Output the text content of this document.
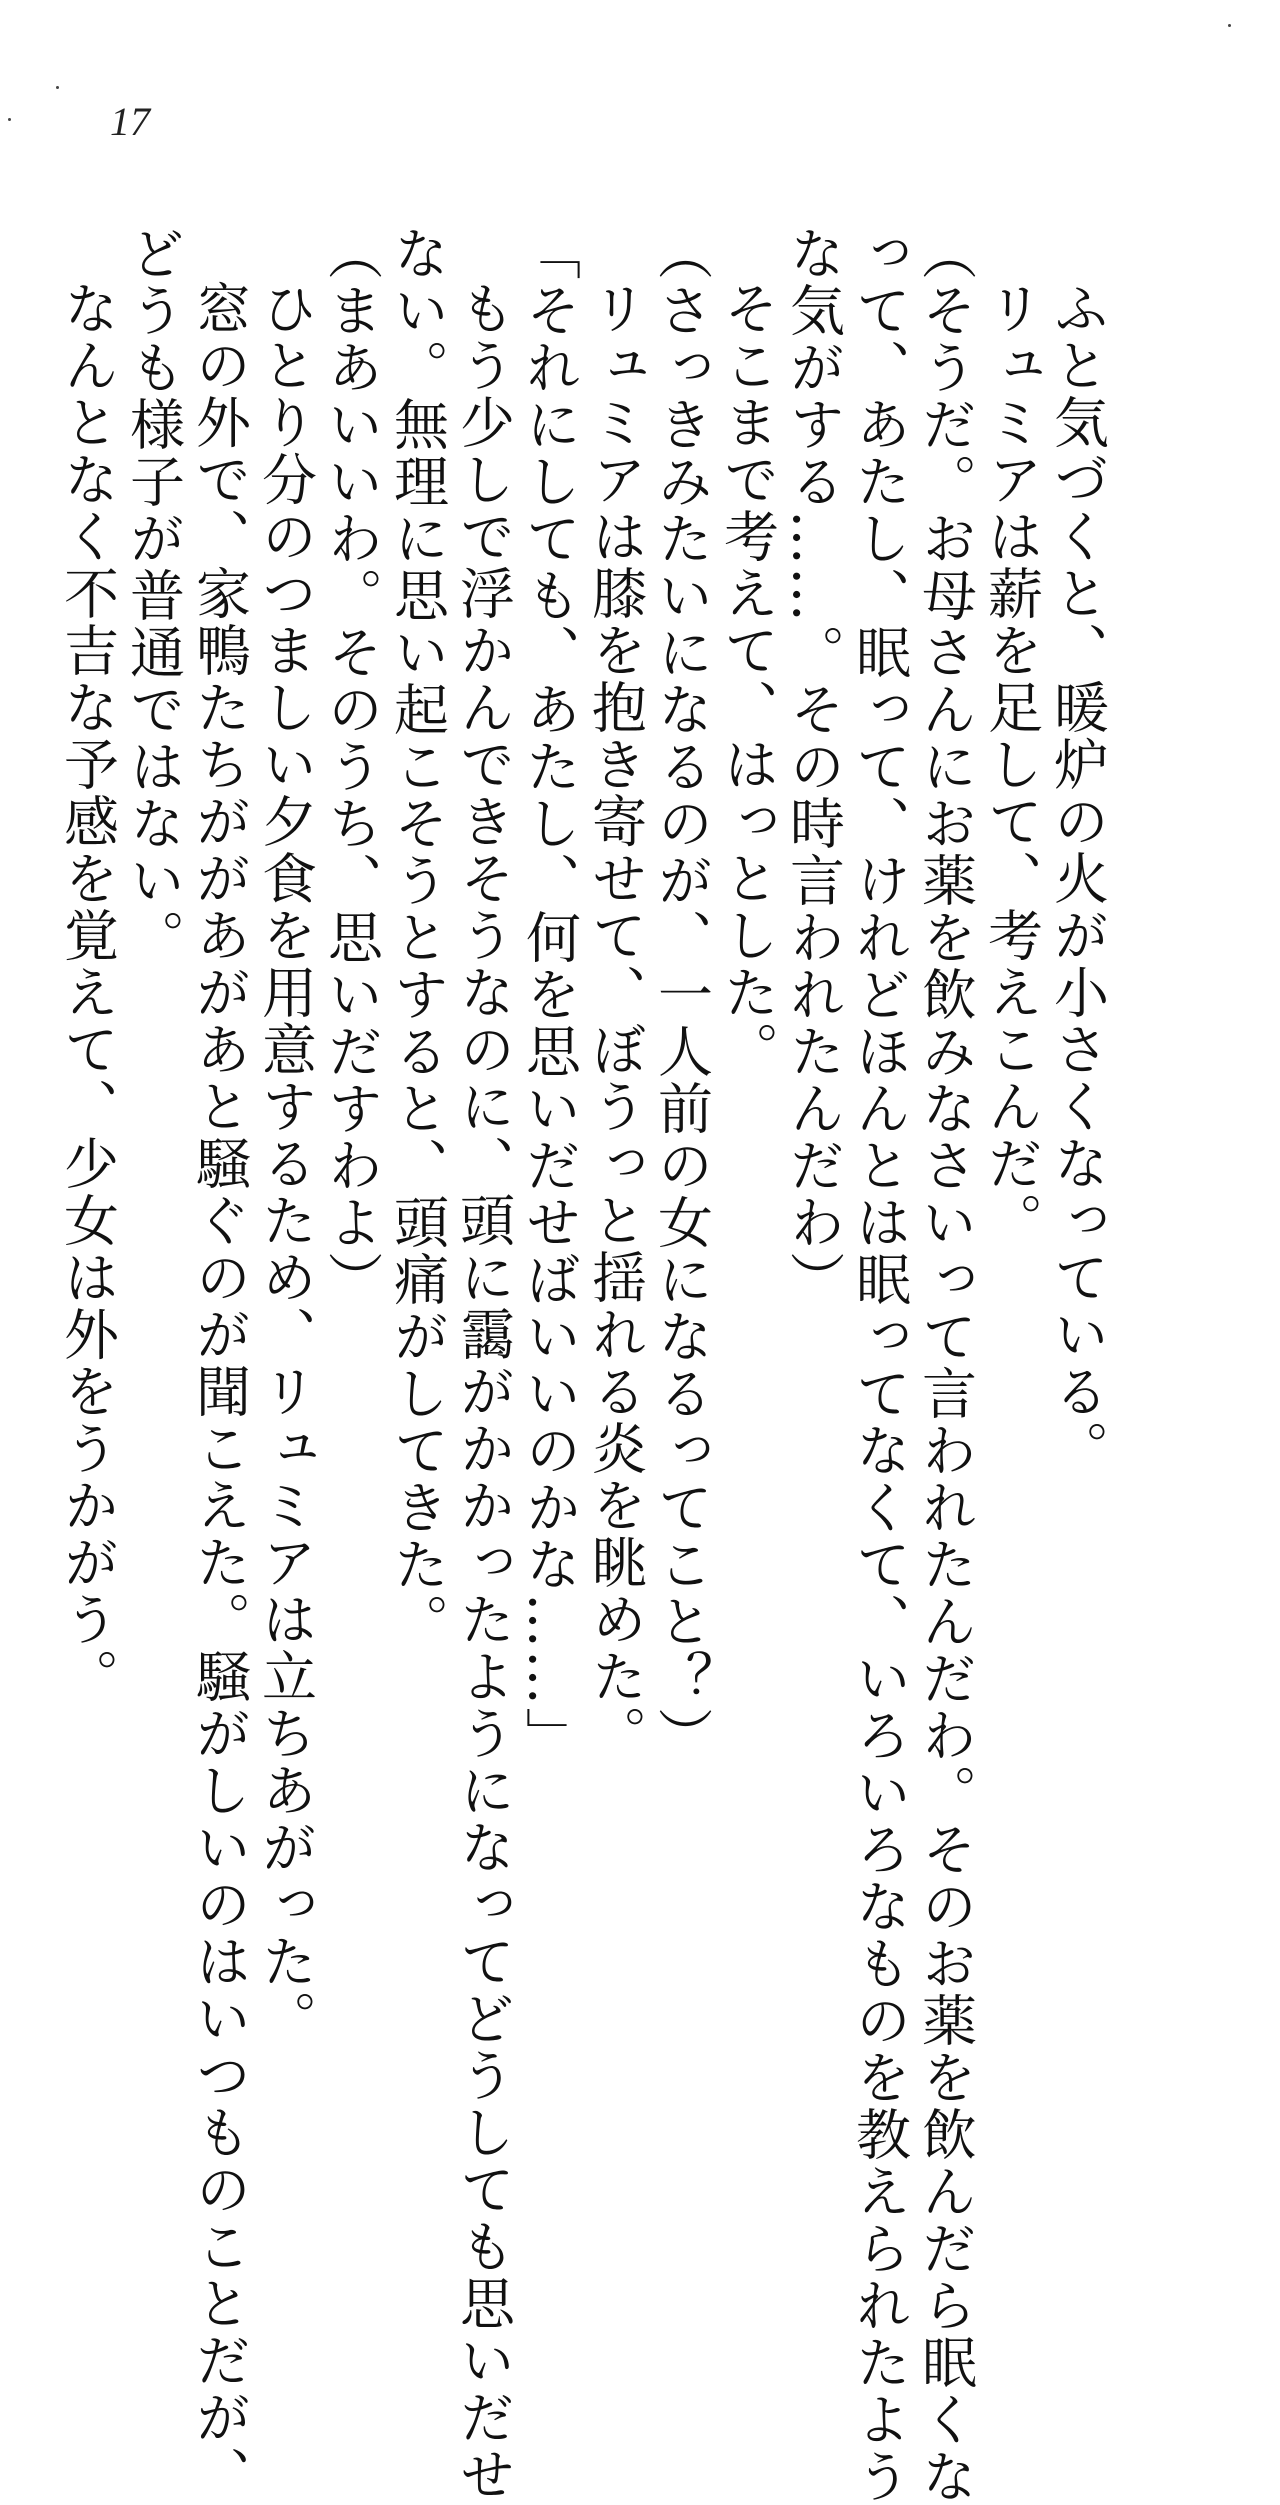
17

ふと気づくと、暖炉の火が小さくなっている。

リュミアは薪を足して、考えこんだ。

（そうだ。お母さんにお薬を飲みなさいって言われたんだわ。そのお薬を飲んだら眠くな

って、あたし、眠って、けれどほんとは眠ってなくて、いろいろなものを教えられたよう

な気がする……。その時言われたんだわ）

そこまで考えて、はっとした。

（さっきみたいになるのが、一人前の女になるってこと？）

リュミアは膝を抱き寄せて、ぼうっと揺れる炎を眺めた。

「それにしても、あたし、何を思いだせばいいのかな……」

もう少しで浮かんできそうなのに、頭に靄がかかったようになってどうしても思いだせ

ない。無理に思い起こそうとすると、頭痛がしてきた。

（まあいいわ。そのうち、思いだすわよ）

ひとり分のつましい夕食を用意するため、リュミアは立ちあがった。

窓の外で、家鴨たちががあがあと騒ぐのが聞こえた。騒がしいのはいつものことだが、

どうも様子が普通ではない。

なんとなく不吉な予感を覚えて、少女は外をうかがう。
